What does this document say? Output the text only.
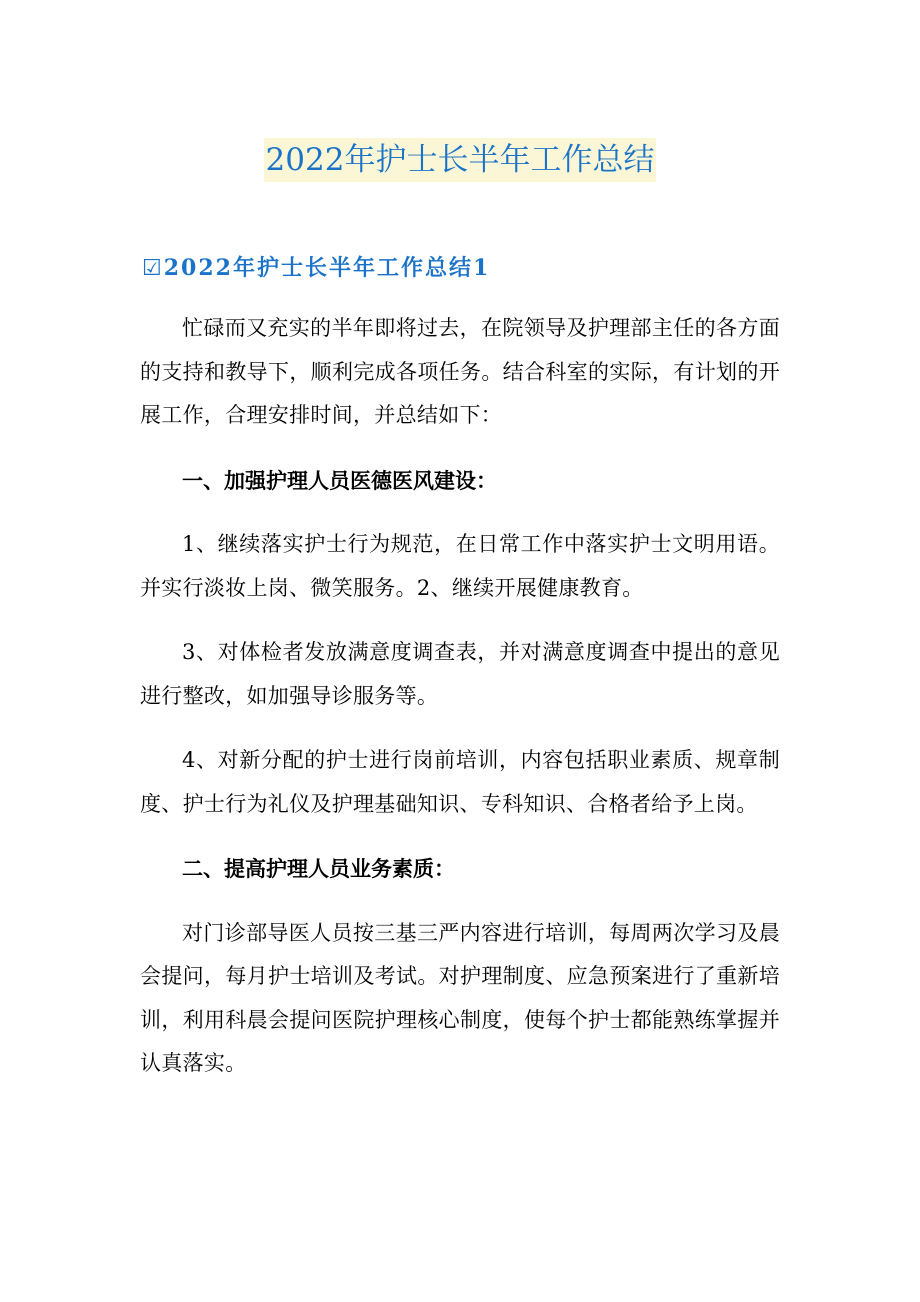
2022年护士长半年工作总结
☑2022年护士长半年工作总结1

忙碌而又充实的半年即将过去，在院领导及护理部主任的各方面的支持和教导下，顺利完成各项任务。结合科室的实际，有计划的开展工作，合理安排时间，并总结如下：

一、加强护理人员医德医风建设：

1、继续落实护士行为规范，在日常工作中落实护士文明用语。并实行淡妆上岗、微笑服务。2、继续开展健康教育。

3、对体检者发放满意度调查表，并对满意度调查中提出的意见进行整改，如加强导诊服务等。

4、对新分配的护士进行岗前培训，内容包括职业素质、规章制度、护士行为礼仪及护理基础知识、专科知识、合格者给予上岗。

二、提高护理人员业务素质：

对门诊部导医人员按三基三严内容进行培训，每周两次学习及晨会提问，每月护士培训及考试。对护理制度、应急预案进行了重新培训，利用科晨会提问医院护理核心制度，使每个护士都能熟练掌握并认真落实。
